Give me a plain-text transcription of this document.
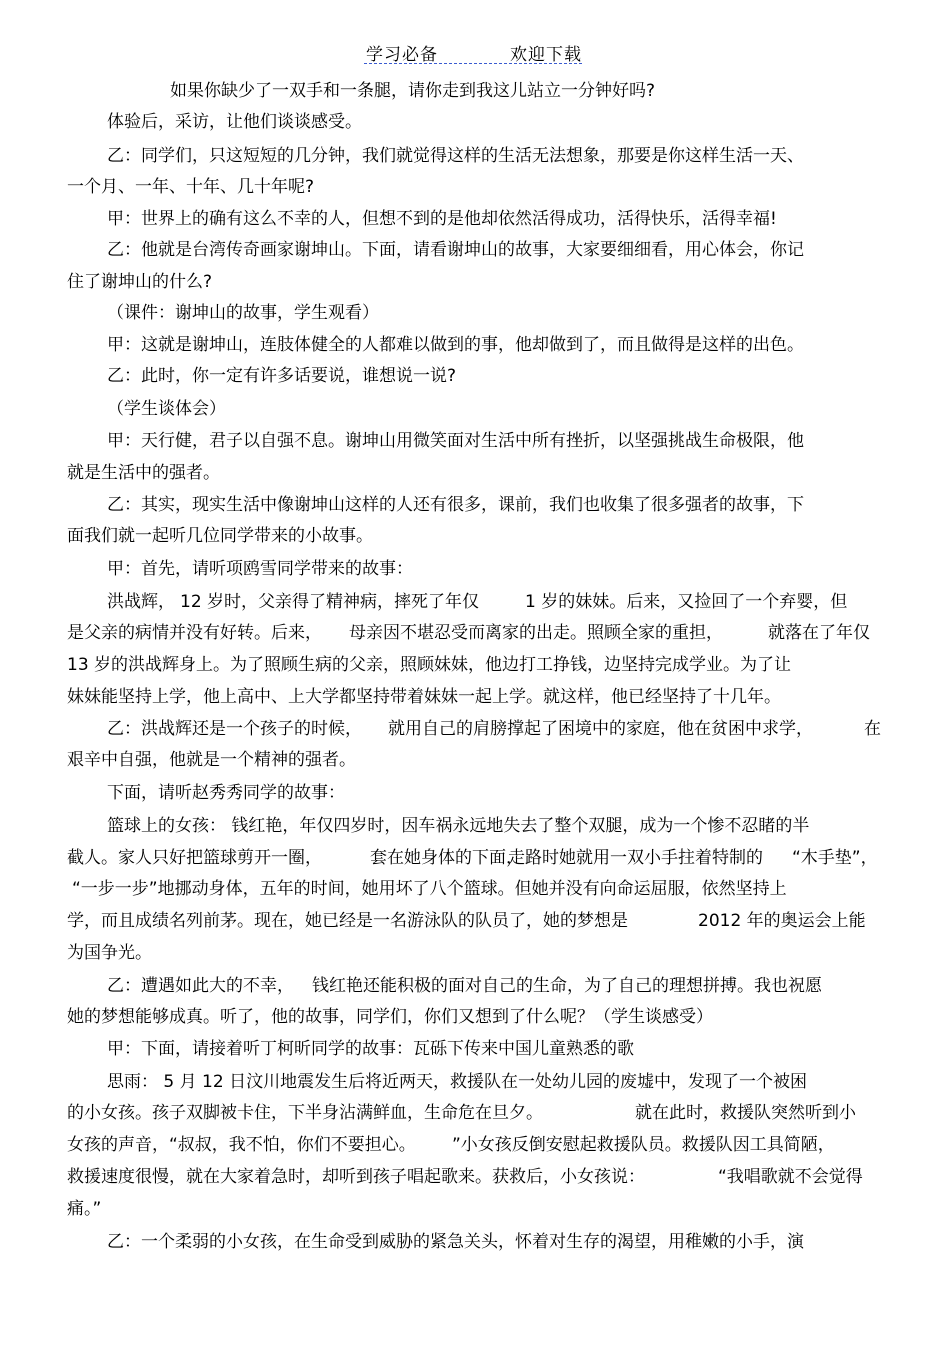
学习必备	欢迎下载
如果你缺少了一双手和一条腿，请你走到我这儿站立一分钟好吗?
体验后，采访，让他们谈谈感受。
乙：同学们，只这短短的几分钟，我们就觉得这样的生活无法想象，那要是你这样生活一天、
一个月、一年、十年、几十年呢?
甲：世界上的确有这么不幸的人，但想不到的是他却依然活得成功，活得快乐，活得幸福!
乙：他就是台湾传奇画家谢坤山。下面，请看谢坤山的故事，大家要细细看，用心体会，你记
住了谢坤山的什么?
（课件：谢坤山的故事，学生观看）
甲：这就是谢坤山，连肢体健全的人都难以做到的事，他却做到了，而且做得是这样的出色。
乙：此时，你一定有许多话要说，谁想说一说?
（学生谈体会）
甲：天行健，君子以自强不息。谢坤山用微笑面对生活中所有挫折，以坚强挑战生命极限，他
就是生活中的强者。
乙：其实，现实生活中像谢坤山这样的人还有很多，课前，我们也收集了很多强者的故事，下
面我们就一起听几位同学带来的小故事。
甲：首先，请听项鸥雪同学带来的故事：
洪战辉， 12 岁时，父亲得了精神病，摔死了年仅	1 岁的妹妹。后来，又捡回了一个弃婴，但
是父亲的病情并没有好转。后来， 母亲因不堪忍受而离家的出走。照顾全家的重担，	就落在了年仅
13 岁的洪战辉身上。为了照顾生病的父亲，照顾妹妹，他边打工挣钱，边坚持完成学业。为了让
妹妹能坚持上学，他上高中、上大学都坚持带着妹妹一起上学。就这样，他已经坚持了十几年。
乙：洪战辉还是一个孩子的时候， 就用自己的肩膀撑起了困境中的家庭，他在贫困中求学，	在
艰辛中自强，他就是一个精神的强者。
下面，请听赵秀秀同学的故事：
篮球上的女孩： 钱红艳，年仅四岁时，因车祸永远地失去了整个双腿，成为一个惨不忍睹的半
截人。家人只好把篮球剪开一圈，	套在她身体的下面，
走路时她就用一双小手拄着特制的 “木手垫”，
“一步一步”地挪动身体，五年的时间，她用坏了八个篮球。但她并没有向命运屈服，依然坚持上
学，而且成绩名列前茅。现在，她已经是一名游泳队的队员了，她的梦想是	2012 年的奥运会上能
为国争光。
乙：遭遇如此大的不幸， 钱红艳还能积极的面对自己的生命，为了自己的理想拼搏。我也祝愿
她的梦想能够成真。听了，他的故事，同学们，你们又想到了什么呢？（学生谈感受）
甲：下面，请接着听丁柯昕同学的故事：瓦砾下传来中国儿童熟悉的歌
思雨： 5 月 12 日汶川地震发生后将近两天，救援队在一处幼儿园的废墟中，发现了一个被困
的小女孩。孩子双脚被卡住，下半身沾满鲜血，生命危在旦夕。	就在此时，救援队突然听到小
女孩的声音，“叔叔，我不怕，你们不要担心。 ”小女孩反倒安慰起救援队员。救援队因工具简陋，
救援速度很慢，就在大家着急时，却听到孩子唱起歌来。获救后，小女孩说：	“我唱歌就不会觉得
痛。”
乙：一个柔弱的小女孩，在生命受到威胁的紧急关头，怀着对生存的渴望，用稚嫩的小手，演
